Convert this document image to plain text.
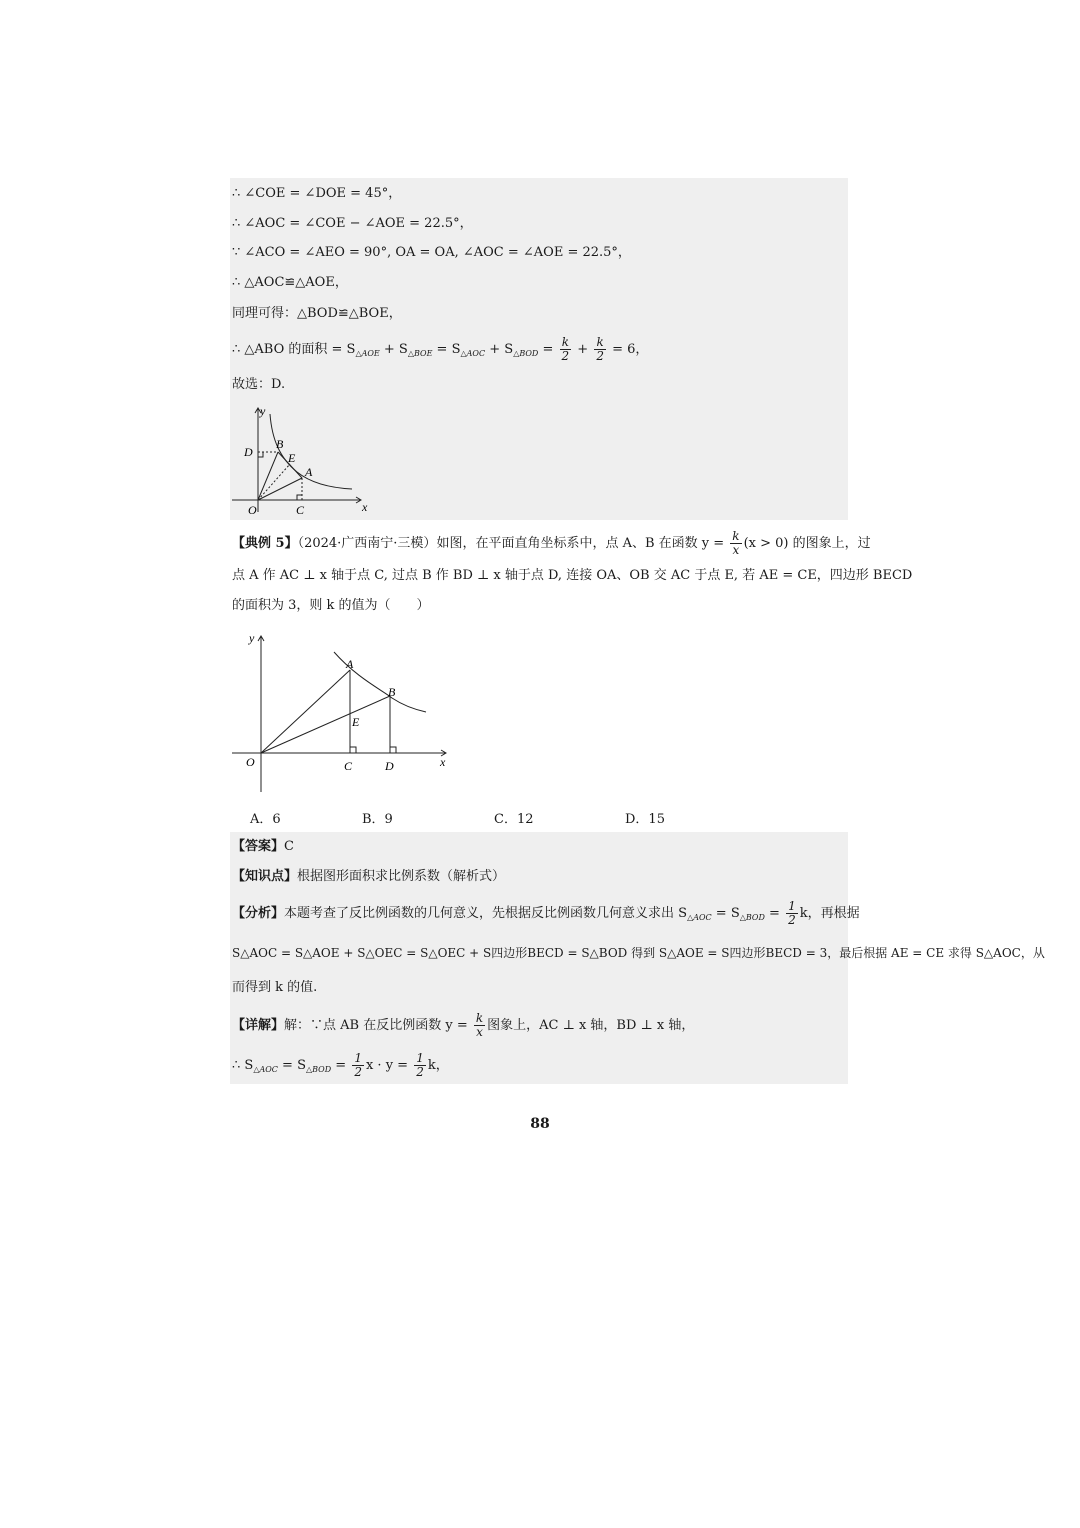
∴ ∠COE = ∠DOE = 45°，
∴ ∠AOC = ∠COE − ∠AOE = 22.5°，
∵ ∠ACO = ∠AEO = 90°, OA = OA, ∠AOC = ∠AOE = 22.5°，
∴ △AOC≌△AOE，
同理可得：△BOD≌△BOE，
∴ △ABO 的面积 = $S_{\triangle AOE} + S_{\triangle BOE} = S_{\triangle AOC} + S_{\triangle BOD} = \frac{k}{2} + \frac{k}{2} = 6$，
故选：D.
y
x
O	C
D
B
E
A
【典例 5】（2024·广西南宁·三模）如图，在平面直角坐标系中，点 A、B 在函数 $y = \frac{k}{x} (x > 0)$ 的图象上，过
点 A 作 AC ⊥ x 轴于点 C, 过点 B 作 BD ⊥ x 轴于点 D, 连接 OA、OB 交 AC 于点 E, 若 AE = CE，四边形 BECD
的面积为 3，则 k 的值为（　　）
y
x
O
A
B
E
C	D
A．6	B．9	C．12	D．15
【答案】C
【知识点】根据图形面积求比例系数（解析式）
【分析】本题考查了反比例函数的几何意义，先根据反比例函数几何意义求出 $S_{\triangle AOC} = S_{\triangle BOD} = \frac{1}{2}$ k，再根据
S△AOC = S△AOE + S△OEC = S△OEC + S四边形BECD = S△BOD 得到 S△AOE = S四边形BECD = 3，最后根据 AE = CE 求得 S△AOC，从
而得到 k 的值.
【详解】解：∵点 AB 在反比例函数 $y = \frac{k}{x}$ 图象上，AC ⊥ x 轴，BD ⊥ x 轴，
∴ $S_{\triangle AOC} = S_{\triangle BOD} = \frac{1}{2}$ $x \cdot y = \frac{1}{2}$ k，
88
